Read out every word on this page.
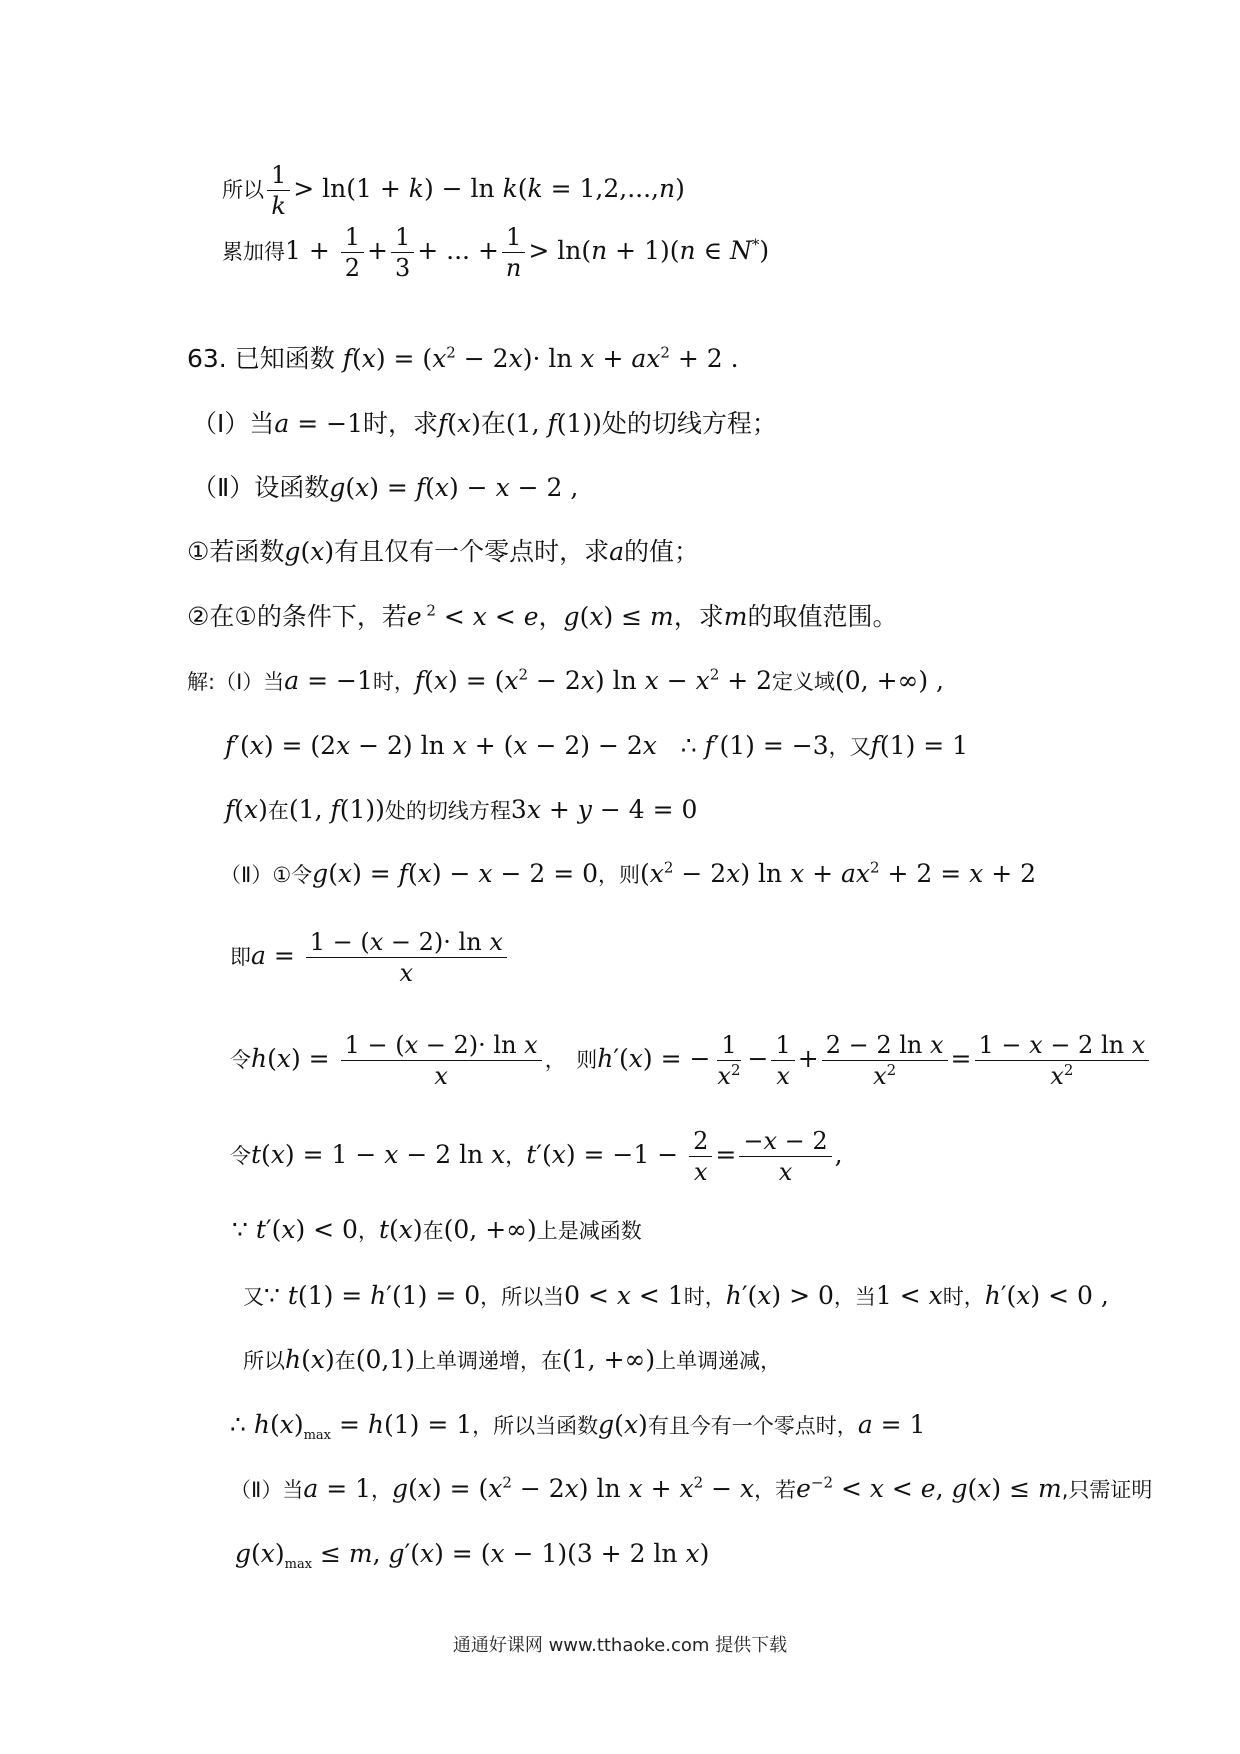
所以 $\frac{1}{k} > \ln(1 + k) - \ln k(k = 1,2,...,n)$
累加得$1 + \frac{1}{2} + \frac{1}{3}$ + ... + $\frac{1}{n} > \ln(n + 1)(n$ ∈ N*)
63. 已知函数 $f(x) = (x^2 - 2x)\cdot \ln x + ax^2 + 2$ .
（Ⅰ）当a = −1时，求f(x)在(1, f(1))处的切线方程；
（Ⅱ）设函数g(x) = f(x) − x − 2 ,
①若函数g(x)有且仅有一个零点时，求a的值；
②在①的条件下，若e $^2$ < x < e，g(x) ≤ m，求m的取值范围。
解:（Ⅰ）当a = −1时，$f(x) = (x^2 - 2x)$ $\ln x - x^2 + 2$定义域(0, +∞) ,
f′(x) = (2x − 2) ln x + (x − 2) − 2x   ∴ f′(1) = −3，又f(1) = 1
f(x)在(1, f(1))处的切线方程3x + y − 4 = 0
（Ⅱ）①令g(x) = f(x) − x − 2 = 0，则$(x^2 - 2x)$ $\ln x + ax^2 + 2 = x + 2$
即$a = \frac{\text{1 − (x − 2)· ln x}}{x}$
令$h(x) = \frac{\text{1 − (x − 2)· ln x}}{x}$ ，　则h′(x) = − $\frac{1}{x^2} - \frac{1}{x} + \frac{\text{2 − 2 ln x}}{x^2} = \frac{\text{1 − x − 2 ln x}}{x^2}$
令t(x) = 1 − x − 2 ln x，$t'(x) = -1 - \frac{2}{x} = \frac{-x - 2}{x}$ ,
∵ t′(x) < 0，t(x)在(0, +∞)上是减函数
又∵ t(1) = h′(1) = 0，所以当0 < x < 1时，h′(x) > 0，当1 < x时，h′(x) < 0 ,
所以h(x)在(0,1)上单调递增，在(1, +∞)上单调递减，
∴ $h(x)_{max} = h(1) = 1$，所以当函数g(x)有且今有一个零点时，a = 1
（Ⅱ）当a = 1，$g(x) = (x^2 - 2x)$ $\ln x + x^2 - x$，若$e^{-2} < x < e$, g(x) ≤ m,只需证明
$g(x)_{max} \le m$, g′(x) = (x − 1)(3 + 2 ln x)
通通好课网 www.tthaoke.com 提供下载
